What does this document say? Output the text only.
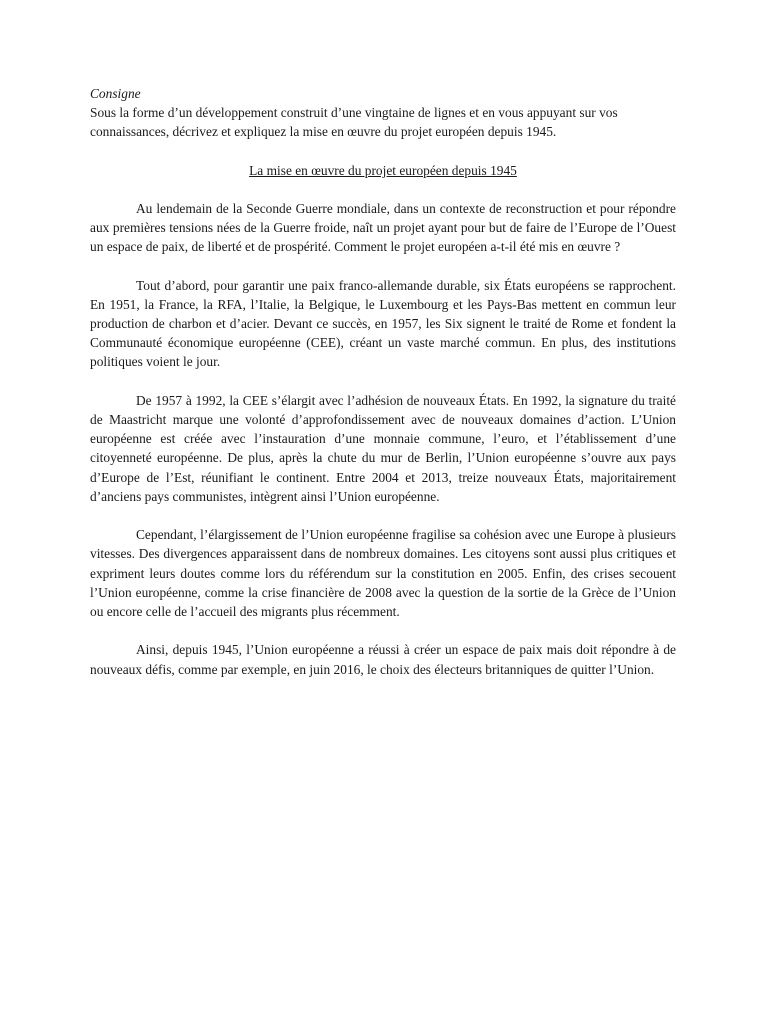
Consigne

Sous la forme d’un développement construit d’une vingtaine de lignes et en vous appuyant sur vos connaissances, décrivez et expliquez la mise en œuvre du projet européen depuis 1945.

La mise en œuvre du projet européen depuis 1945

Au lendemain de la Seconde Guerre mondiale, dans un contexte de reconstruction et pour répondre aux premières tensions nées de la Guerre froide, naît un projet ayant pour but de faire de l’Europe de l’Ouest un espace de paix, de liberté et de prospérité. Comment le projet européen a-t-il été mis en œuvre ?

Tout d’abord, pour garantir une paix franco-allemande durable, six États européens se rapprochent. En 1951, la France, la RFA, l’Italie, la Belgique, le Luxembourg et les Pays-Bas mettent en commun leur production de charbon et d’acier. Devant ce succès, en 1957, les Six signent le traité de Rome et fondent la Communauté économique européenne (CEE), créant un vaste marché commun. En plus, des institutions politiques voient le jour.

De 1957 à 1992, la CEE s’élargit avec l’adhésion de nouveaux États. En 1992, la signature du traité de Maastricht marque une volonté d’approfondissement avec de nouveaux domaines d’action. L’Union européenne est créée avec l’instauration d’une monnaie commune, l’euro, et l’établissement d’une citoyenneté européenne. De plus, après la chute du mur de Berlin, l’Union européenne s’ouvre aux pays d’Europe de l’Est, réunifiant le continent. Entre 2004 et 2013, treize nouveaux États, majoritairement d’anciens pays communistes, intègrent ainsi l’Union européenne.

Cependant, l’élargissement de l’Union européenne fragilise sa cohésion avec une Europe à plusieurs vitesses. Des divergences apparaissent dans de nombreux domaines. Les citoyens sont aussi plus critiques et expriment leurs doutes comme lors du référendum sur la constitution en 2005. Enfin, des crises secouent l’Union européenne, comme la crise financière de 2008 avec la question de la sortie de la Grèce de l’Union ou encore celle de l’accueil des migrants plus récemment.

Ainsi, depuis 1945, l’Union européenne a réussi à créer un espace de paix mais doit répondre à de nouveaux défis, comme par exemple, en juin 2016, le choix des électeurs britanniques de quitter l’Union.
